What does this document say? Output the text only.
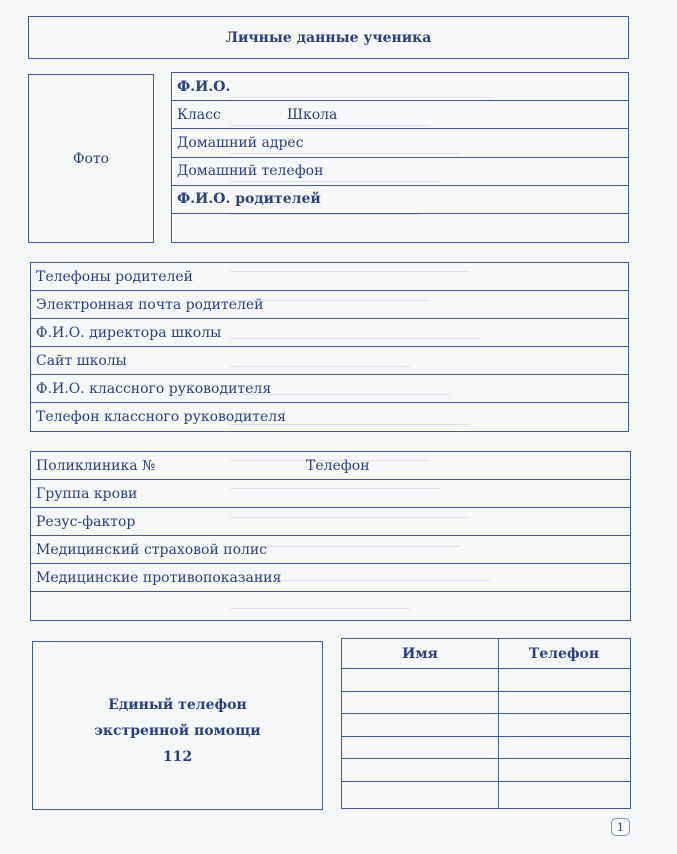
Личные данные ученика
Фото
Ф.И.О.
Класс	Школа
Домашний адрес
Домашний телефон
Ф.И.О. родителей
Телефоны родителей
Электронная почта родителей
Ф.И.О. директора школы
Сайт школы
Ф.И.О. классного руководителя
Телефон классного руководителя
Поликлиника №	Телефон
Группа крови
Резус-фактор
Медицинский страховой полис
Медицинские противопоказания
Единый телефон
экстренной помощи
112
Имя	Телефон
1
